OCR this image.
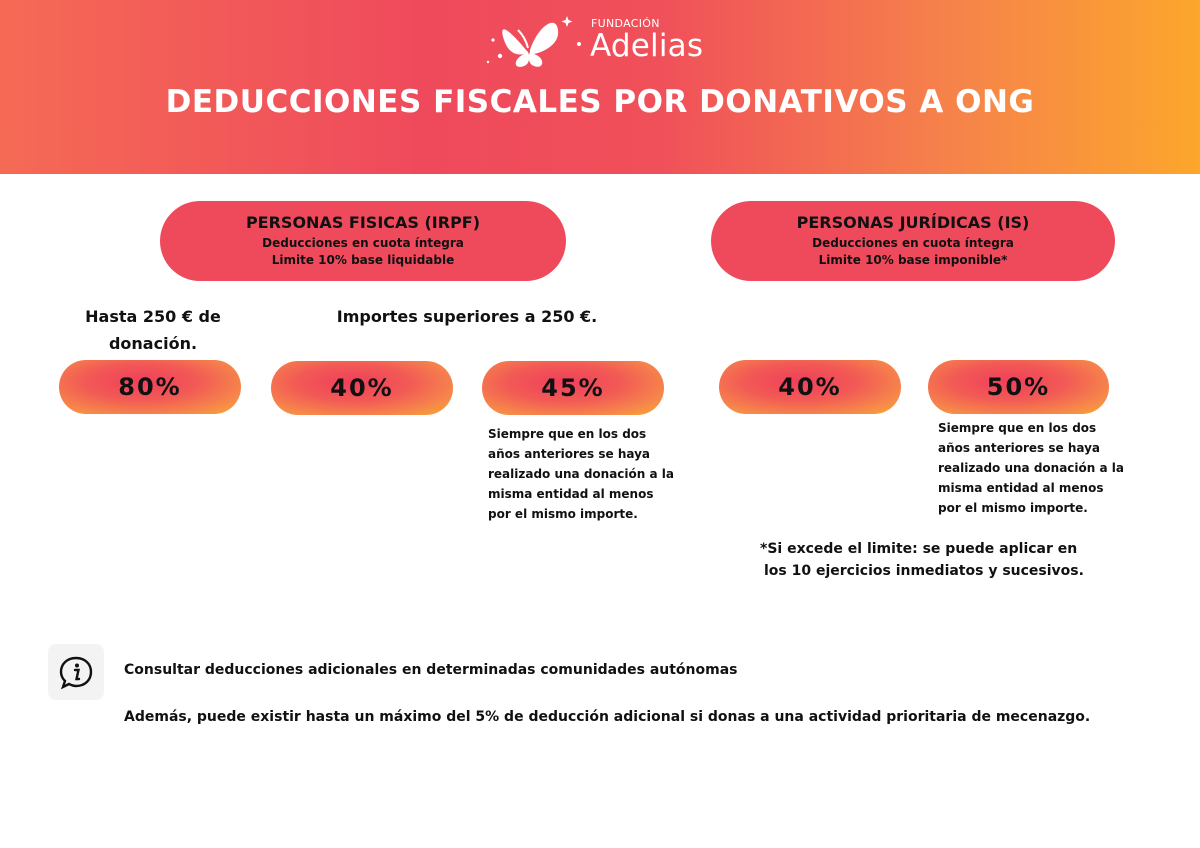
FUNDACIÓN
Adelias
DEDUCCIONES FISCALES POR DONATIVOS A ONG
PERSONAS FISICAS (IRPF)
Deducciones en cuota íntegra
Limite 10% base liquidable
PERSONAS JURÍDICAS (IS)
Deducciones en cuota íntegra
Limite 10% base imponible*
Hasta 250 € de
donación.
Importes superiores a 250 €.
80%	40%	45%	40%	50%
Siempre que en los dos
años anteriores se haya
realizado una donación a la
misma entidad al menos
por el mismo importe.
Siempre que en los dos
años anteriores se haya
realizado una donación a la
misma entidad al menos
por el mismo importe.
*Si excede el limite: se puede aplicar en
los 10 ejercicios inmediatos y sucesivos.
Consultar deducciones adicionales en determinadas comunidades autónomas
Además, puede existir hasta un máximo del 5% de deducción adicional si donas a una actividad prioritaria de mecenazgo.
